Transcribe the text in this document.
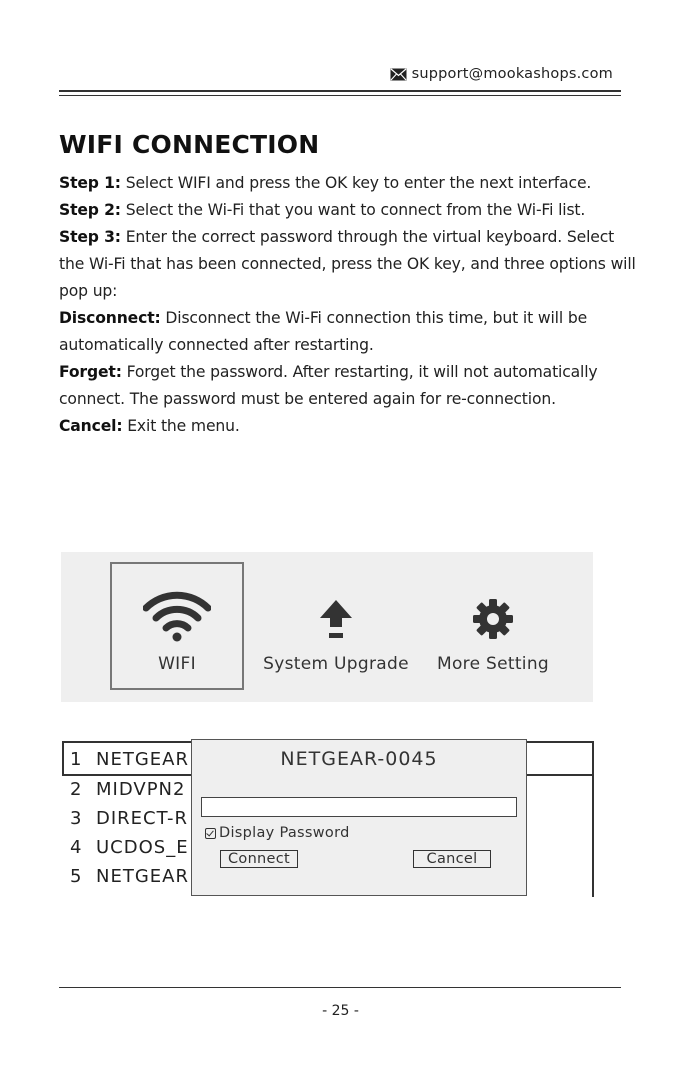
support@mookashops.com
WIFI CONNECTION

Step 1: Select WIFI and press the OK key to enter the next interface.

Step 2: Select the Wi-Fi that you want to connect from the Wi-Fi list.

Step 3: Enter the correct password through the virtual keyboard. Select the Wi-Fi that has been connected, press the OK key, and three options will pop up:

Disconnect: Disconnect the Wi-Fi connection this time, but it will be automatically connected after restarting.

Forget: Forget the password. After restarting, it will not automatically connect. The password must be entered again for re-connection.

Cancel: Exit the menu.

WIFI	System Upgrade	More Setting
1 NETGEAR
2 MIDVPN2
3 DIRECT-R
4 UCDOS_E
5 NETGEAR
NETGEAR-0045
Display Password
Connect	Cancel
- 25 -
